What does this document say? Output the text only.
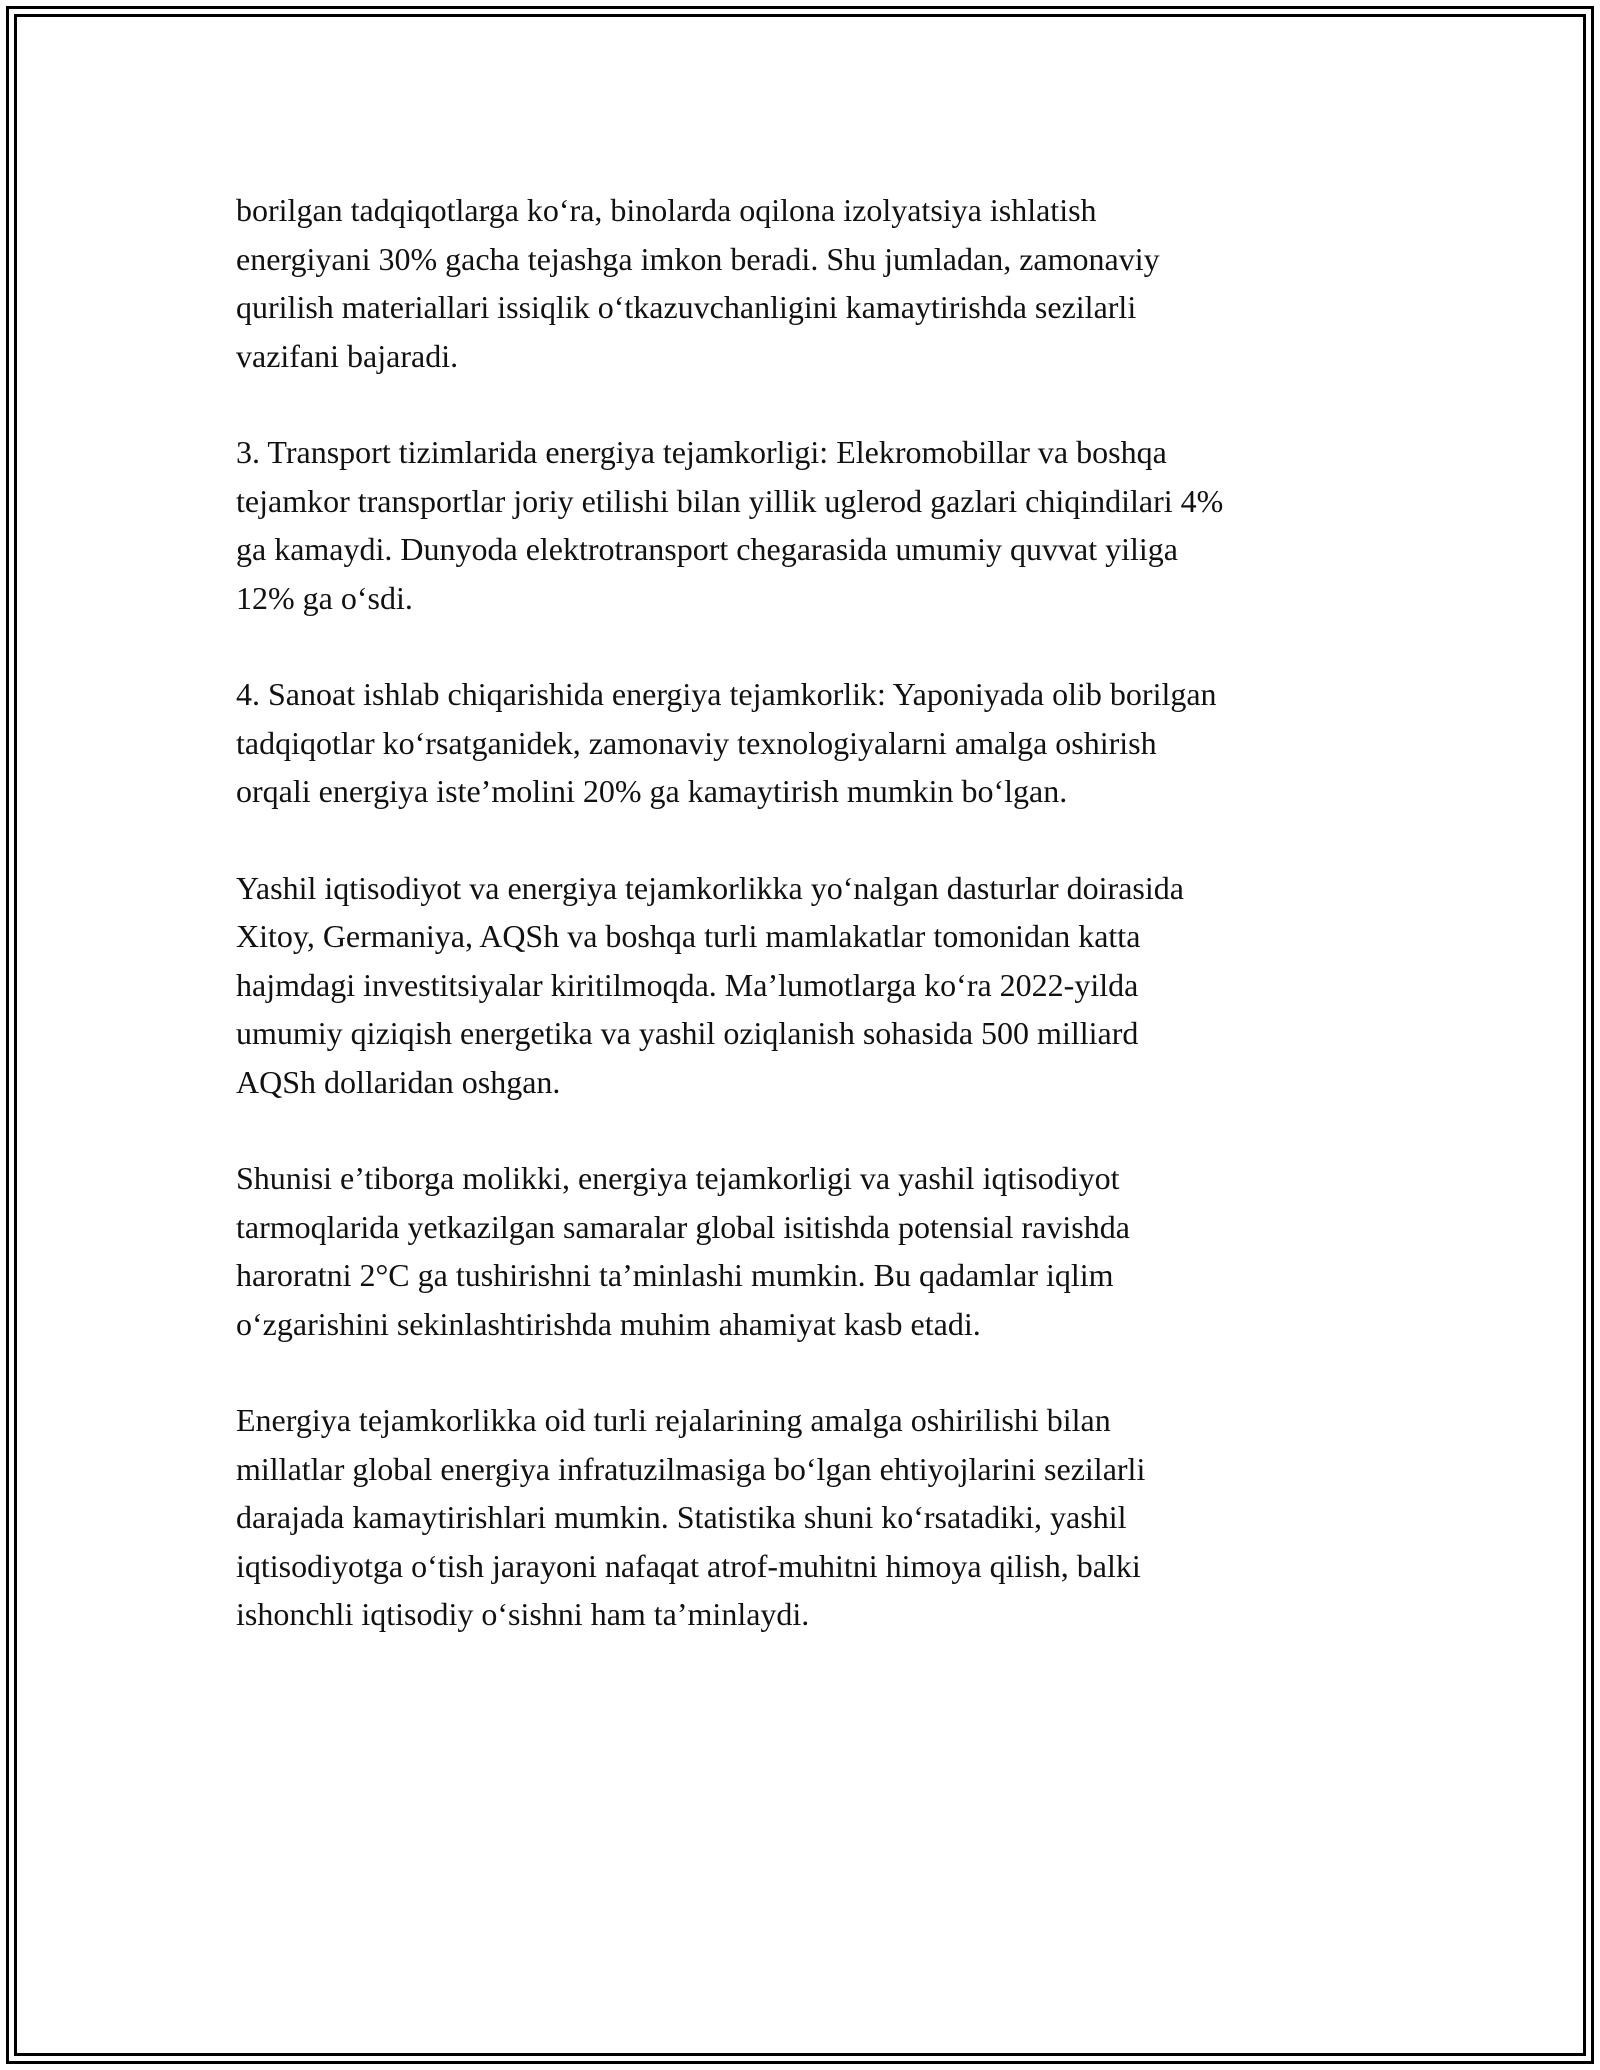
borilgan tadqiqotlarga ko‘ra, binolarda oqilona izolyatsiya ishlatish
energiyani 30% gacha tejashga imkon beradi. Shu jumladan, zamonaviy
qurilish materiallari issiqlik o‘tkazuvchanligini kamaytirishda sezilarli
vazifani bajaradi.

3. Transport tizimlarida energiya tejamkorligi: Elekromobillar va boshqa
tejamkor transportlar joriy etilishi bilan yillik uglerod gazlari chiqindilari 4%
ga kamaydi. Dunyoda elektrotransport chegarasida umumiy quvvat yiliga
12% ga o‘sdi.

4. Sanoat ishlab chiqarishida energiya tejamkorlik: Yaponiyada olib borilgan
tadqiqotlar ko‘rsatganidek, zamonaviy texnologiyalarni amalga oshirish
orqali energiya iste’molini 20% ga kamaytirish mumkin bo‘lgan.

Yashil iqtisodiyot va energiya tejamkorlikka yo‘nalgan dasturlar doirasida
Xitoy, Germaniya, AQSh va boshqa turli mamlakatlar tomonidan katta
hajmdagi investitsiyalar kiritilmoqda. Ma’lumotlarga ko‘ra 2022-yilda
umumiy qiziqish energetika va yashil oziqlanish sohasida 500 milliard
AQSh dollaridan oshgan.

Shunisi e’tiborga molikki, energiya tejamkorligi va yashil iqtisodiyot
tarmoqlarida yetkazilgan samaralar global isitishda potensial ravishda
haroratni 2°C ga tushirishni ta’minlashi mumkin. Bu qadamlar iqlim
o‘zgarishini sekinlashtirishda muhim ahamiyat kasb etadi.

Energiya tejamkorlikka oid turli rejalarining amalga oshirilishi bilan
millatlar global energiya infratuzilmasiga bo‘lgan ehtiyojlarini sezilarli
darajada kamaytirishlari mumkin. Statistika shuni ko‘rsatadiki, yashil
iqtisodiyotga o‘tish jarayoni nafaqat atrof-muhitni himoya qilish, balki
ishonchli iqtisodiy o‘sishni ham ta’minlaydi.
